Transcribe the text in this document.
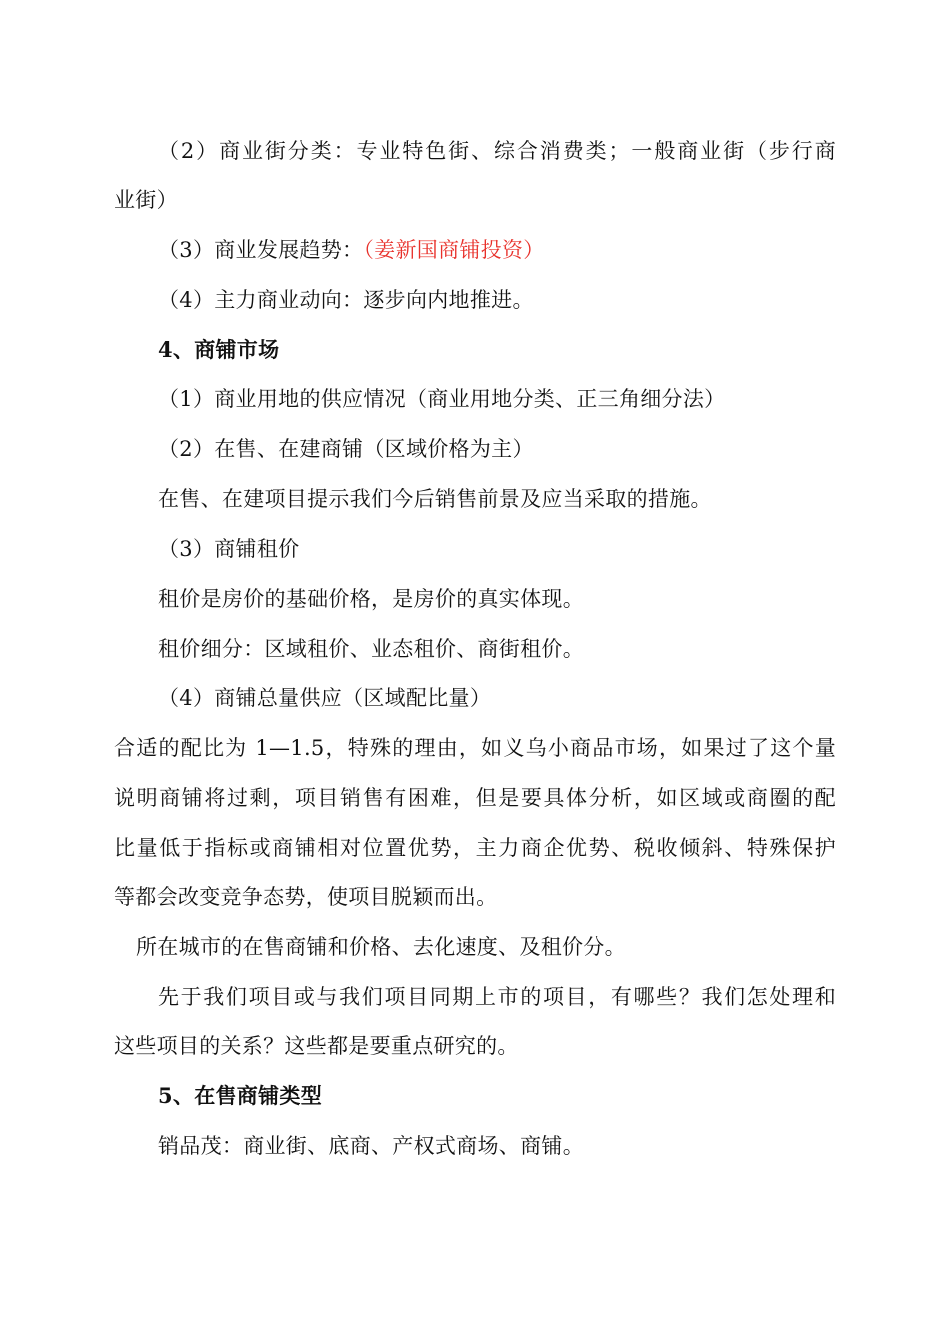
（2）商业街分类：专业特色街、综合消费类；一般商业街（步行商
业街）
（3）商业发展趋势：（姜新国商铺投资）
（4）主力商业动向：逐步向内地推进。
4、商铺市场
（1）商业用地的供应情况（商业用地分类、正三角细分法）
（2）在售、在建商铺（区域价格为主）
在售、在建项目提示我们今后销售前景及应当采取的措施。
（3）商铺租价
租价是房价的基础价格，是房价的真实体现。
租价细分：区域租价、业态租价、商街租价。
（4）商铺总量供应（区域配比量）
合适的配比为 1—1.5，特殊的理由，如义乌小商品市场，如果过了这个量
说明商铺将过剩，项目销售有困难，但是要具体分析，如区域或商圈的配
比量低于指标或商铺相对位置优势，主力商企优势、税收倾斜、特殊保护
等都会改变竞争态势，使项目脱颖而出。
所在城市的在售商铺和价格、去化速度、及租价分。
先于我们项目或与我们项目同期上市的项目，有哪些？我们怎处理和
这些项目的关系？这些都是要重点研究的。
5、在售商铺类型
销品茂：商业街、底商、产权式商场、商铺。
